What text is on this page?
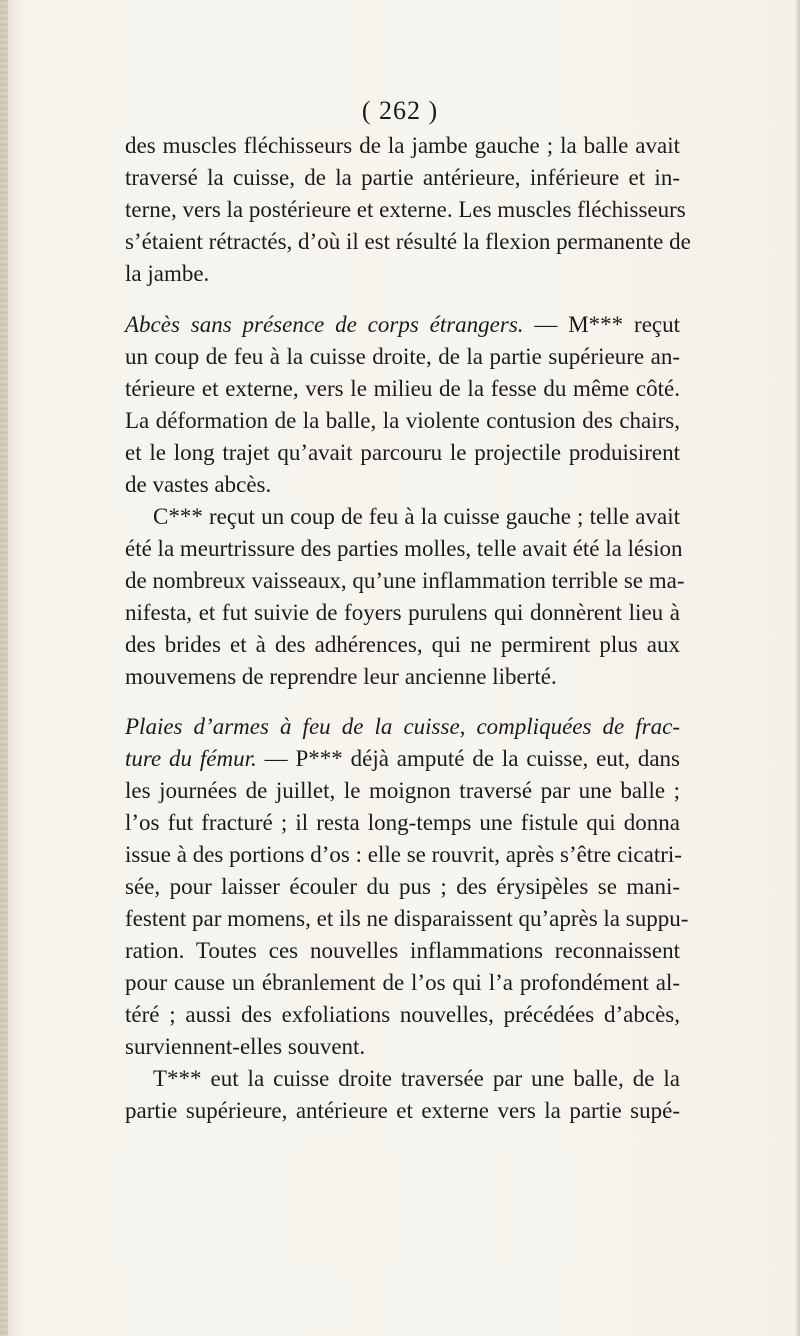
( 262 )
des muscles fléchisseurs de la jambe gauche ; la balle avait
traversé la cuisse, de la partie antérieure, inférieure et in-
terne, vers la postérieure et externe. Les muscles fléchisseurs
s’étaient rétractés, d’où il est résulté la flexion permanente de
la jambe.
Abcès sans présence de corps étrangers. — M*** reçut
un coup de feu à la cuisse droite, de la partie supérieure an-
térieure et externe, vers le milieu de la fesse du même côté.
La déformation de la balle, la violente contusion des chairs,
et le long trajet qu’avait parcouru le projectile produisirent
de vastes abcès.
C*** reçut un coup de feu à la cuisse gauche ; telle avait
été la meurtrissure des parties molles, telle avait été la lésion
de nombreux vaisseaux, qu’une inflammation terrible se ma-
nifesta, et fut suivie de foyers purulens qui donnèrent lieu à
des brides et à des adhérences, qui ne permirent plus aux
mouvemens de reprendre leur ancienne liberté.
Plaies d’armes à feu de la cuisse, compliquées de frac-
ture du fémur. — P*** déjà amputé de la cuisse, eut, dans
les journées de juillet, le moignon traversé par une balle ;
l’os fut fracturé ; il resta long-temps une fistule qui donna
issue à des portions d’os : elle se rouvrit, après s’être cicatri-
sée, pour laisser écouler du pus ; des érysipèles se mani-
festent par momens, et ils ne disparaissent qu’après la suppu-
ration. Toutes ces nouvelles inflammations reconnaissent
pour cause un ébranlement de l’os qui l’a profondément al-
téré ; aussi des exfoliations nouvelles, précédées d’abcès,
surviennent-elles souvent.
T*** eut la cuisse droite traversée par une balle, de la
partie supérieure, antérieure et externe vers la partie supé-
